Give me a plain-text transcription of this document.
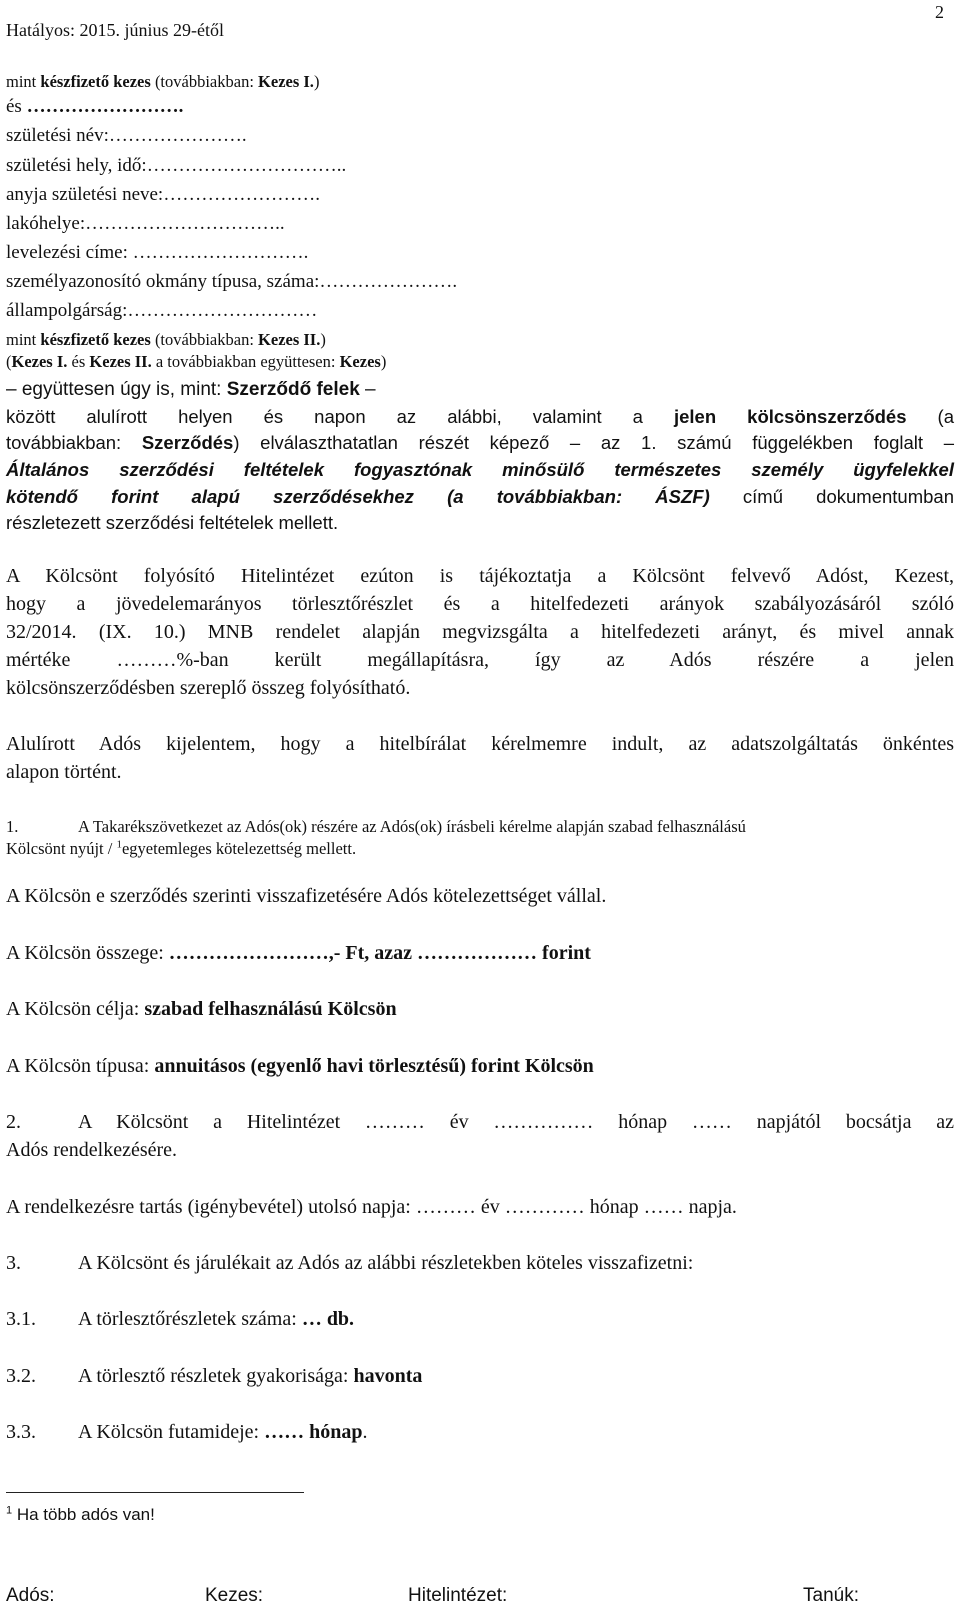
Hatályos: 2015. június 29-étől
2
mint készfizető kezes (továbbiakban: Kezes I.)
és …………………….
születési név:………………….
születési hely, idő:…………………………..
anyja születési neve:…………………….
lakóhelye:…………………………..
levelezési címe: ……………………….
személyazonosító okmány típusa, száma:………………….
állampolgárság:…………………………
mint készfizető kezes (továbbiakban: Kezes II.)
(Kezes I. és Kezes II. a továbbiakban együttesen: Kezes)
– együttesen úgy is, mint: Szerződő felek –
között alulírott helyen és napon az alábbi, valamint a jelen kölcsönszerződés (a
továbbiakban: Szerződés) elválaszthatatlan részét képező – az 1. számú függelékben foglalt –
Általános szerződési feltételek fogyasztónak minősülő természetes személy ügyfelekkel
kötendő forint alapú szerződésekhez (a továbbiakban: ÁSZF) című dokumentumban
részletezett szerződési feltételek mellett.
A Kölcsönt folyósító Hitelintézet ezúton is tájékoztatja a Kölcsönt felvevő Adóst, Kezest,
hogy a jövedelemarányos törlesztőrészlet és a hitelfedezeti arányok szabályozásáról szóló
32/2014. (IX. 10.) MNB rendelet alapján megvizsgálta a hitelfedezeti arányt, és mivel annak
mértéke ………%-ban került megállapításra, így az Adós részére a jelen
kölcsönszerződésben szereplő összeg folyósítható.
Alulírott Adós kijelentem, hogy a hitelbírálat kérelmemre indult, az adatszolgáltatás önkéntes
alapon történt.
1.	A Takarékszövetkezet az Adós(ok) részére az Adós(ok) írásbeli kérelme alapján szabad felhasználású
Kölcsönt nyújt / $^1$egyetemleges kötelezettség mellett.
A Kölcsön e szerződés szerinti visszafizetésére Adós kötelezettséget vállal.
A Kölcsön összege: ……………………,- Ft, azaz ……………… forint
A Kölcsön célja: szabad felhasználású Kölcsön
A Kölcsön típusa: annuitásos (egyenlő havi törlesztésű) forint Kölcsön
2.	A Kölcsönt a Hitelintézet ……… év …………… hónap …… napjától bocsátja az
Adós rendelkezésére.
A rendelkezésre tartás (igénybevétel) utolsó napja: ……… év ………… hónap …… napja.
3.	A Kölcsönt és járulékait az Adós az alábbi részletekben köteles visszafizetni:
3.1. A törlesztőrészletek száma: … db.
3.2. A törlesztő részletek gyakorisága: havonta
3.3. A Kölcsön futamideje: …… hónap.
$^1$ Ha több adós van!
Adós:	Kezes:	Hitelintézet:	Tanúk:
